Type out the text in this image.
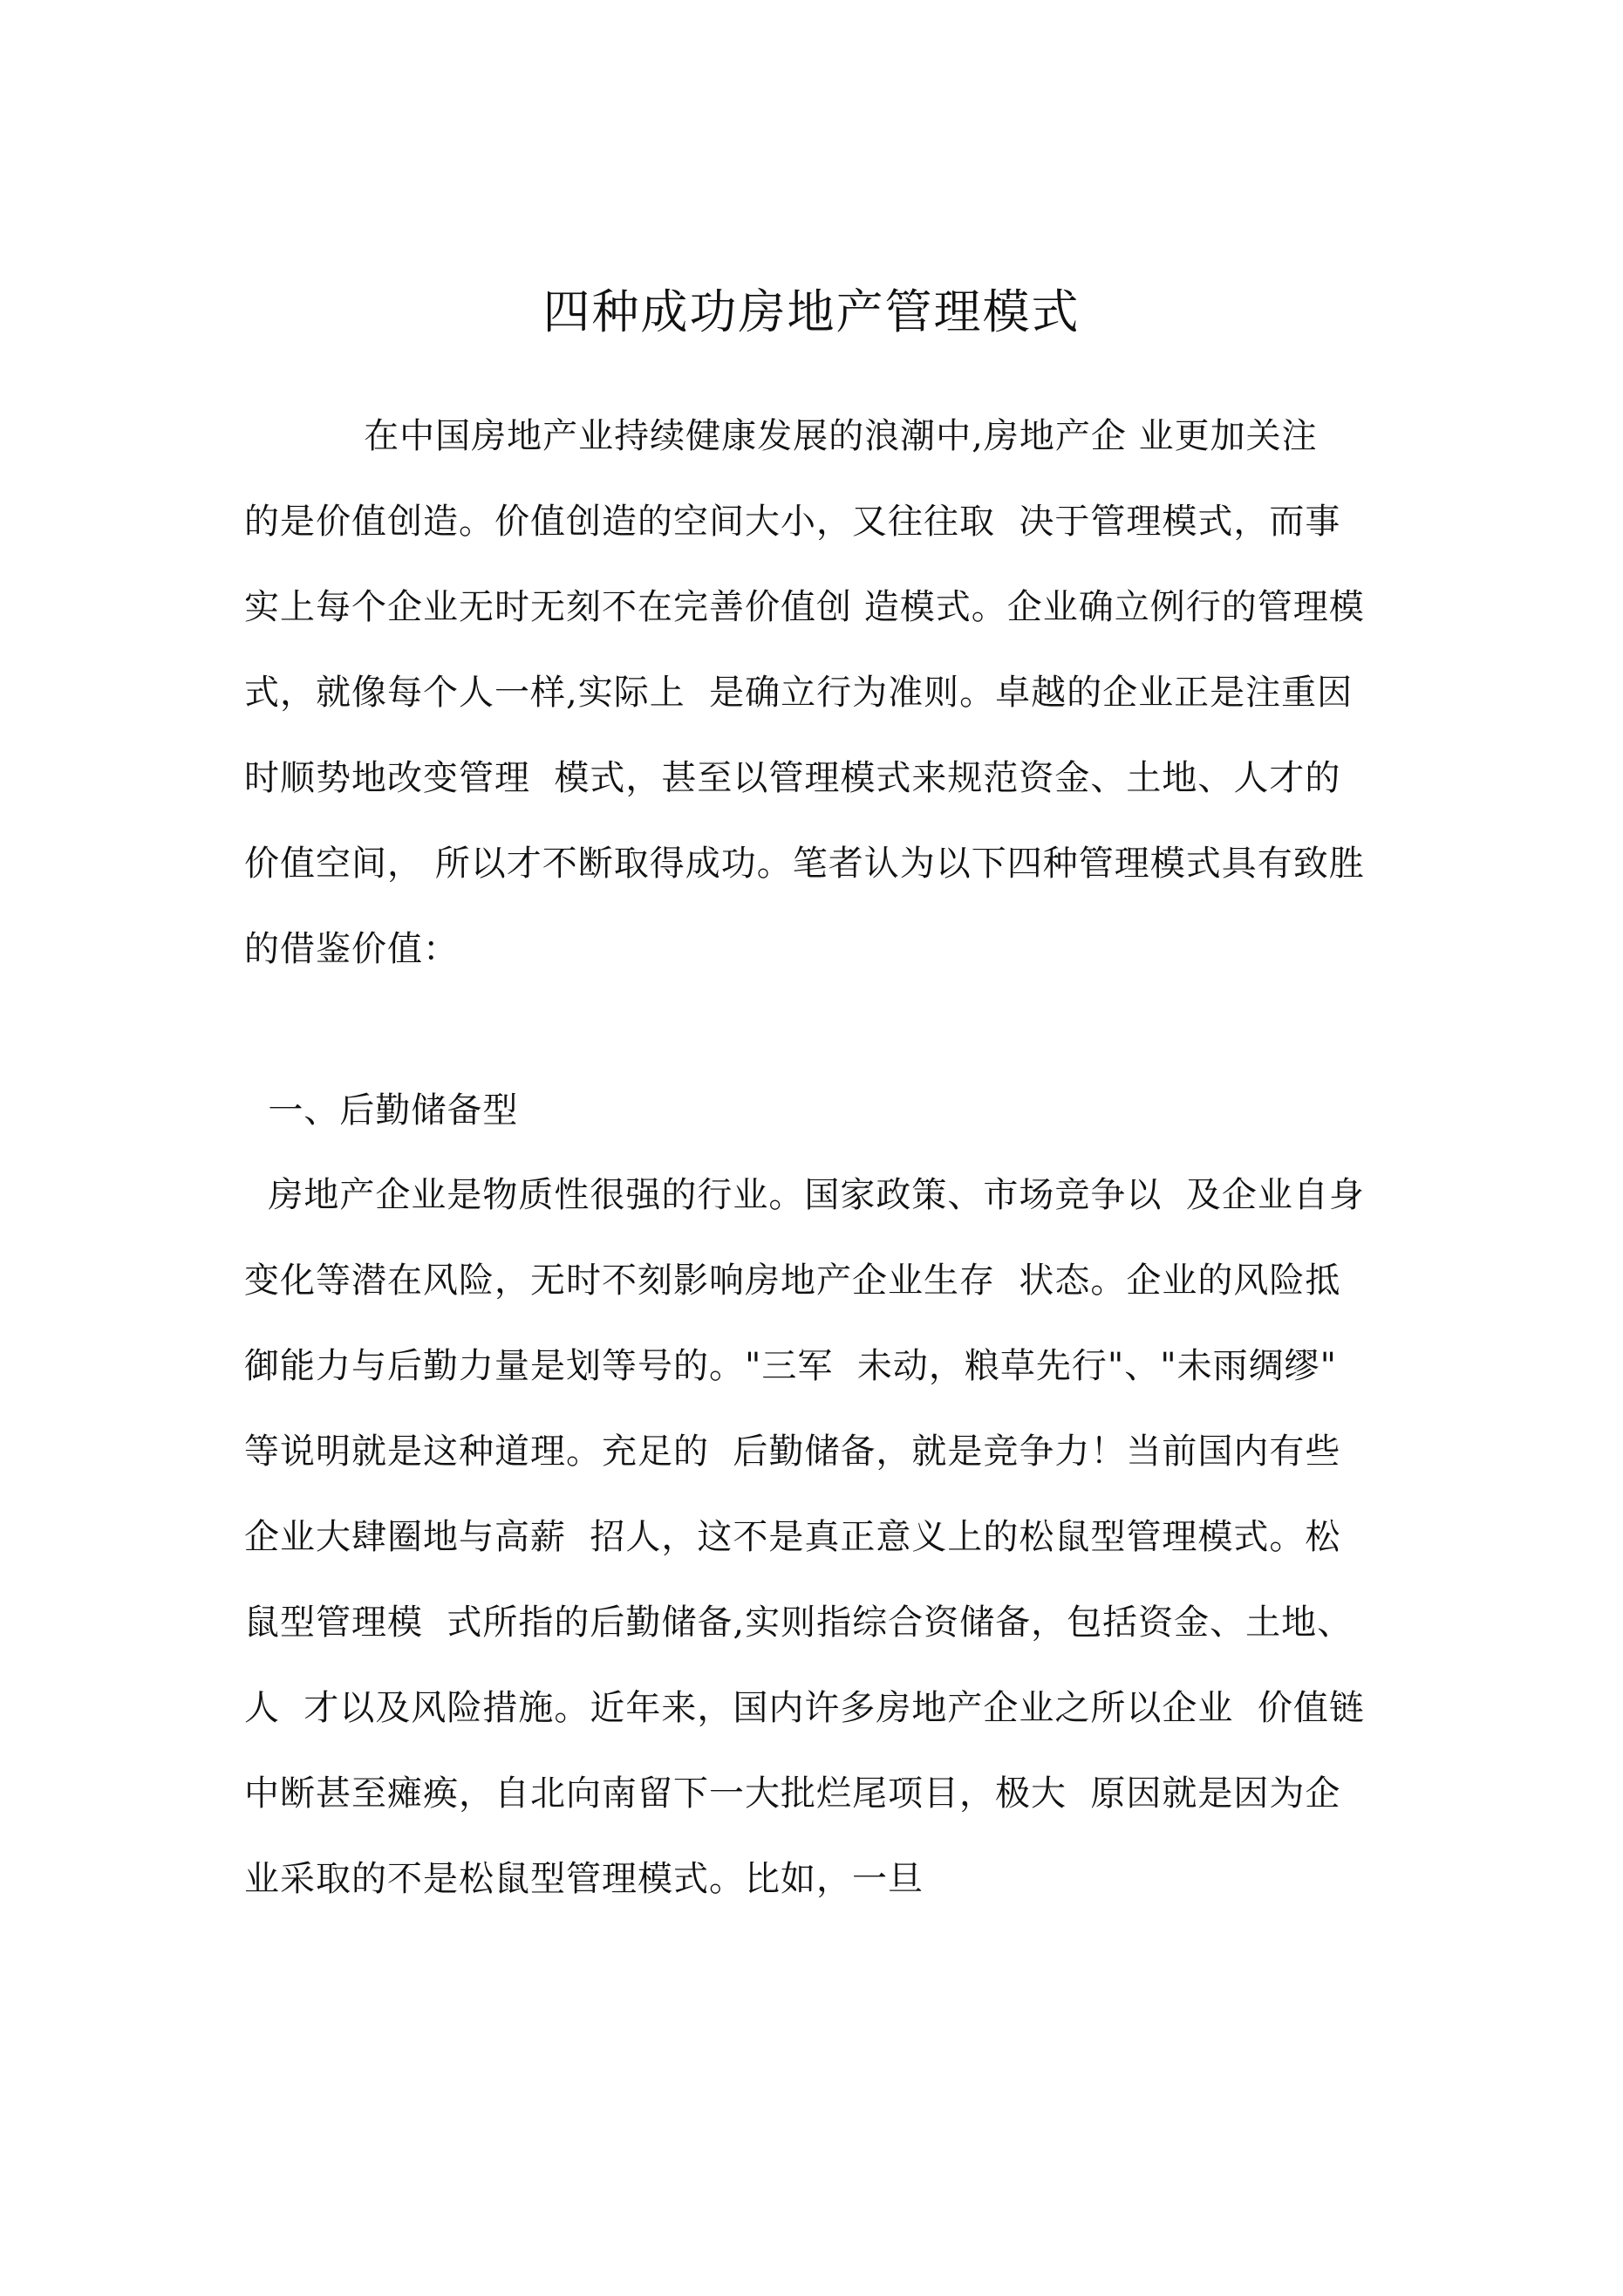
四种成功房地产管理模式

在中国房地产业持续健康发展的浪潮中,房地产企 业更加关注

的是价值创造。价值创造的空间大小，又往往取  决于管理模式，而事

实上每个企业无时无刻不在完善价值创 造模式。企业确立例行的管理模

式，就像每个人一样,实际上  是确立行为准则。卓越的企业正是注重因

时顺势地改变管理  模式，甚至以管理模式来规范资金、土地、人才的

价值空间， 所以才不断取得成功。笔者认为以下四种管理模式具有致胜

的借鉴价值：

一、后勤储备型

房地产企业是物质性很强的行业。国家政策、市场竞争以  及企业自身

变化等潜在风险，无时不刻影响房地产企业生存  状态。企业的风险抵

御能力与后勤力量是划等号的。"三军  未动，粮草先行"、"未雨绸缪"

等说明就是这种道理。充足的  后勤储备，就是竞争力！当前国内有些

企业大肆圈地与高薪  招人，这不是真正意义上的松鼠型管理模式。松

鼠型管理模  式所指的后勤储备,实则指综合资储备，包括资金、土地、

人  才以及风险措施。近年来，国内许多房地产企业之所以企业  价值链

中断甚至瘫痪，自北向南留下一大批烂尾项目，极大  原因就是因为企

业采取的不是松鼠型管理模式。比如，一旦
